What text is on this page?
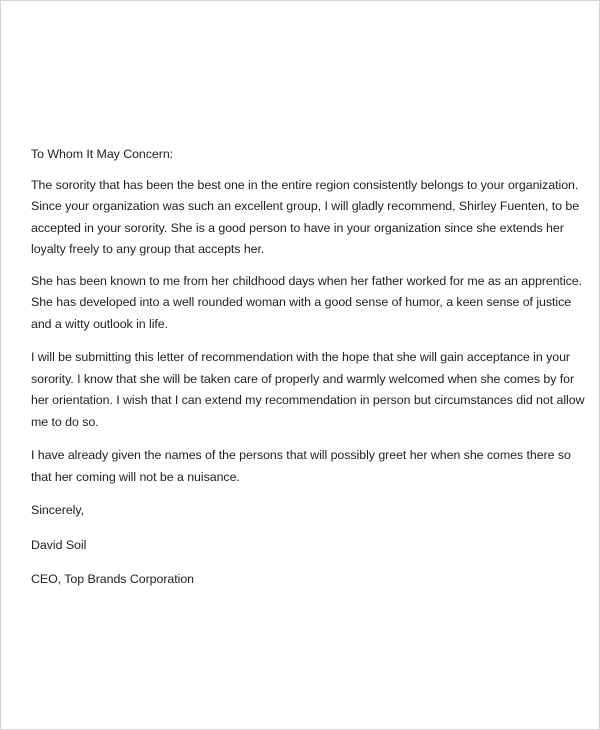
To Whom It May Concern:

The sorority that has been the best one in the entire region consistently belongs to your organization. Since your organization was such an excellent group, I will gladly recommend, Shirley Fuenten, to be accepted in your sorority. She is a good person to have in your organization since she extends her loyalty freely to any group that accepts her.

She has been known to me from her childhood days when her father worked for me as an apprentice. She has developed into a well rounded woman with a good sense of humor, a keen sense of justice and a witty outlook in life.

I will be submitting this letter of recommendation with the hope that she will gain acceptance in your sorority. I know that she will be taken care of properly and warmly welcomed when she comes by for her orientation. I wish that I can extend my recommendation in person but circumstances did not allow me to do so.

I have already given the names of the persons that will possibly greet her when she comes there so that her coming will not be a nuisance.

Sincerely,

David Soil

CEO, Top Brands Corporation
